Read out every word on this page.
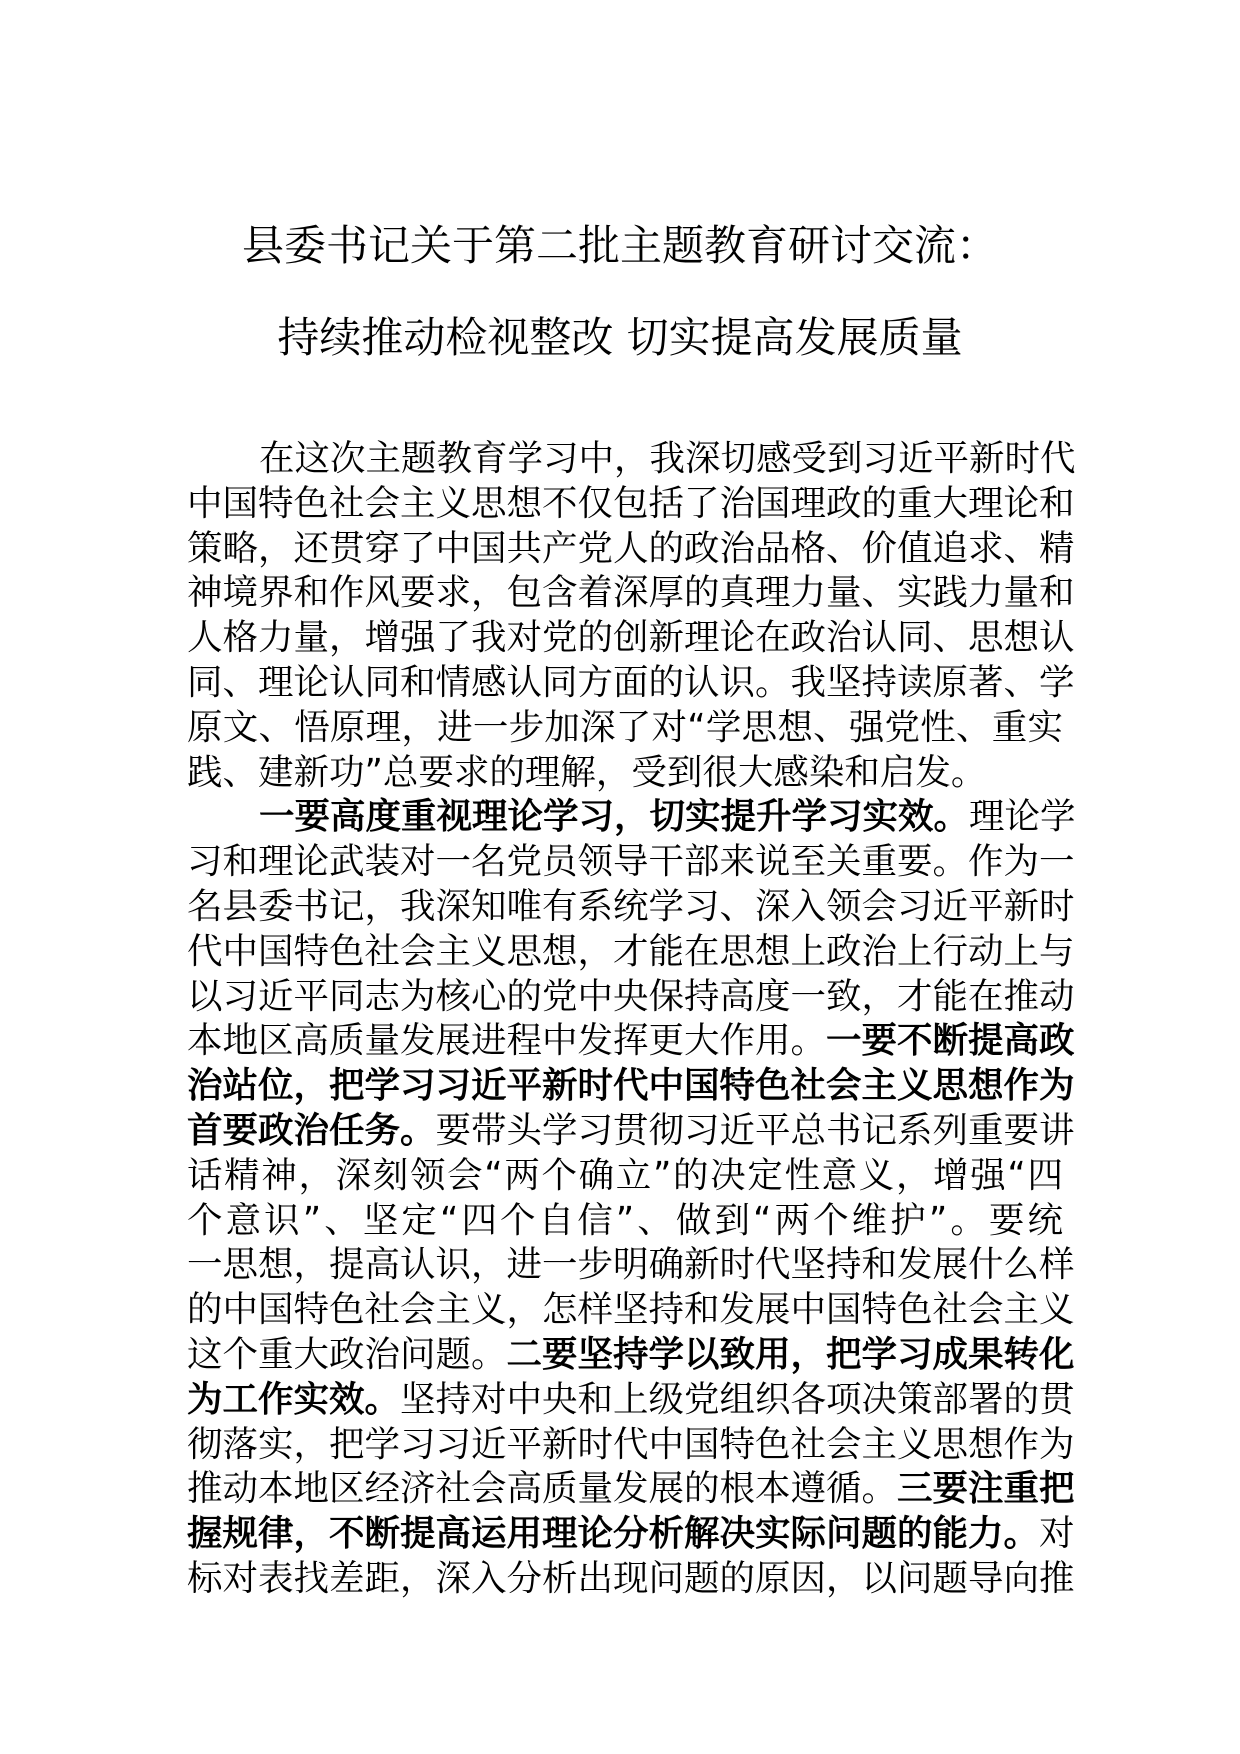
县委书记关于第二批主题教育研讨交流：
持续推动检视整改 切实提高发展质量
在这次主题教育学习中，我深切感受到习近平新时代
中国特色社会主义思想不仅包括了治国理政的重大理论和
策略，还贯穿了中国共产党人的政治品格、价值追求、精
神境界和作风要求，包含着深厚的真理力量、实践力量和
人格力量，增强了我对党的创新理论在政治认同、思想认
同、理论认同和情感认同方面的认识。我坚持读原著、学
原文、悟原理，进一步加深了对“学思想、强党性、重实
践、建新功”总要求的理解，受到很大感染和启发。
一要高度重视理论学习，切实提升学习实效。理论学
习和理论武装对一名党员领导干部来说至关重要。作为一
名县委书记，我深知唯有系统学习、深入领会习近平新时
代中国特色社会主义思想，才能在思想上政治上行动上与
以习近平同志为核心的党中央保持高度一致，才能在推动
本地区高质量发展进程中发挥更大作用。一要不断提高政
治站位，把学习习近平新时代中国特色社会主义思想作为
首要政治任务。要带头学习贯彻习近平总书记系列重要讲
话精神，深刻领会“两个确立”的决定性意义，增强“四
个意识”、坚定“四个自信”、做到“两个维护”。要统
一思想，提高认识，进一步明确新时代坚持和发展什么样
的中国特色社会主义，怎样坚持和发展中国特色社会主义
这个重大政治问题。二要坚持学以致用，把学习成果转化
为工作实效。坚持对中央和上级党组织各项决策部署的贯
彻落实，把学习习近平新时代中国特色社会主义思想作为
推动本地区经济社会高质量发展的根本遵循。三要注重把
握规律，不断提高运用理论分析解决实际问题的能力。对
标对表找差距，深入分析出现问题的原因，以问题导向推
